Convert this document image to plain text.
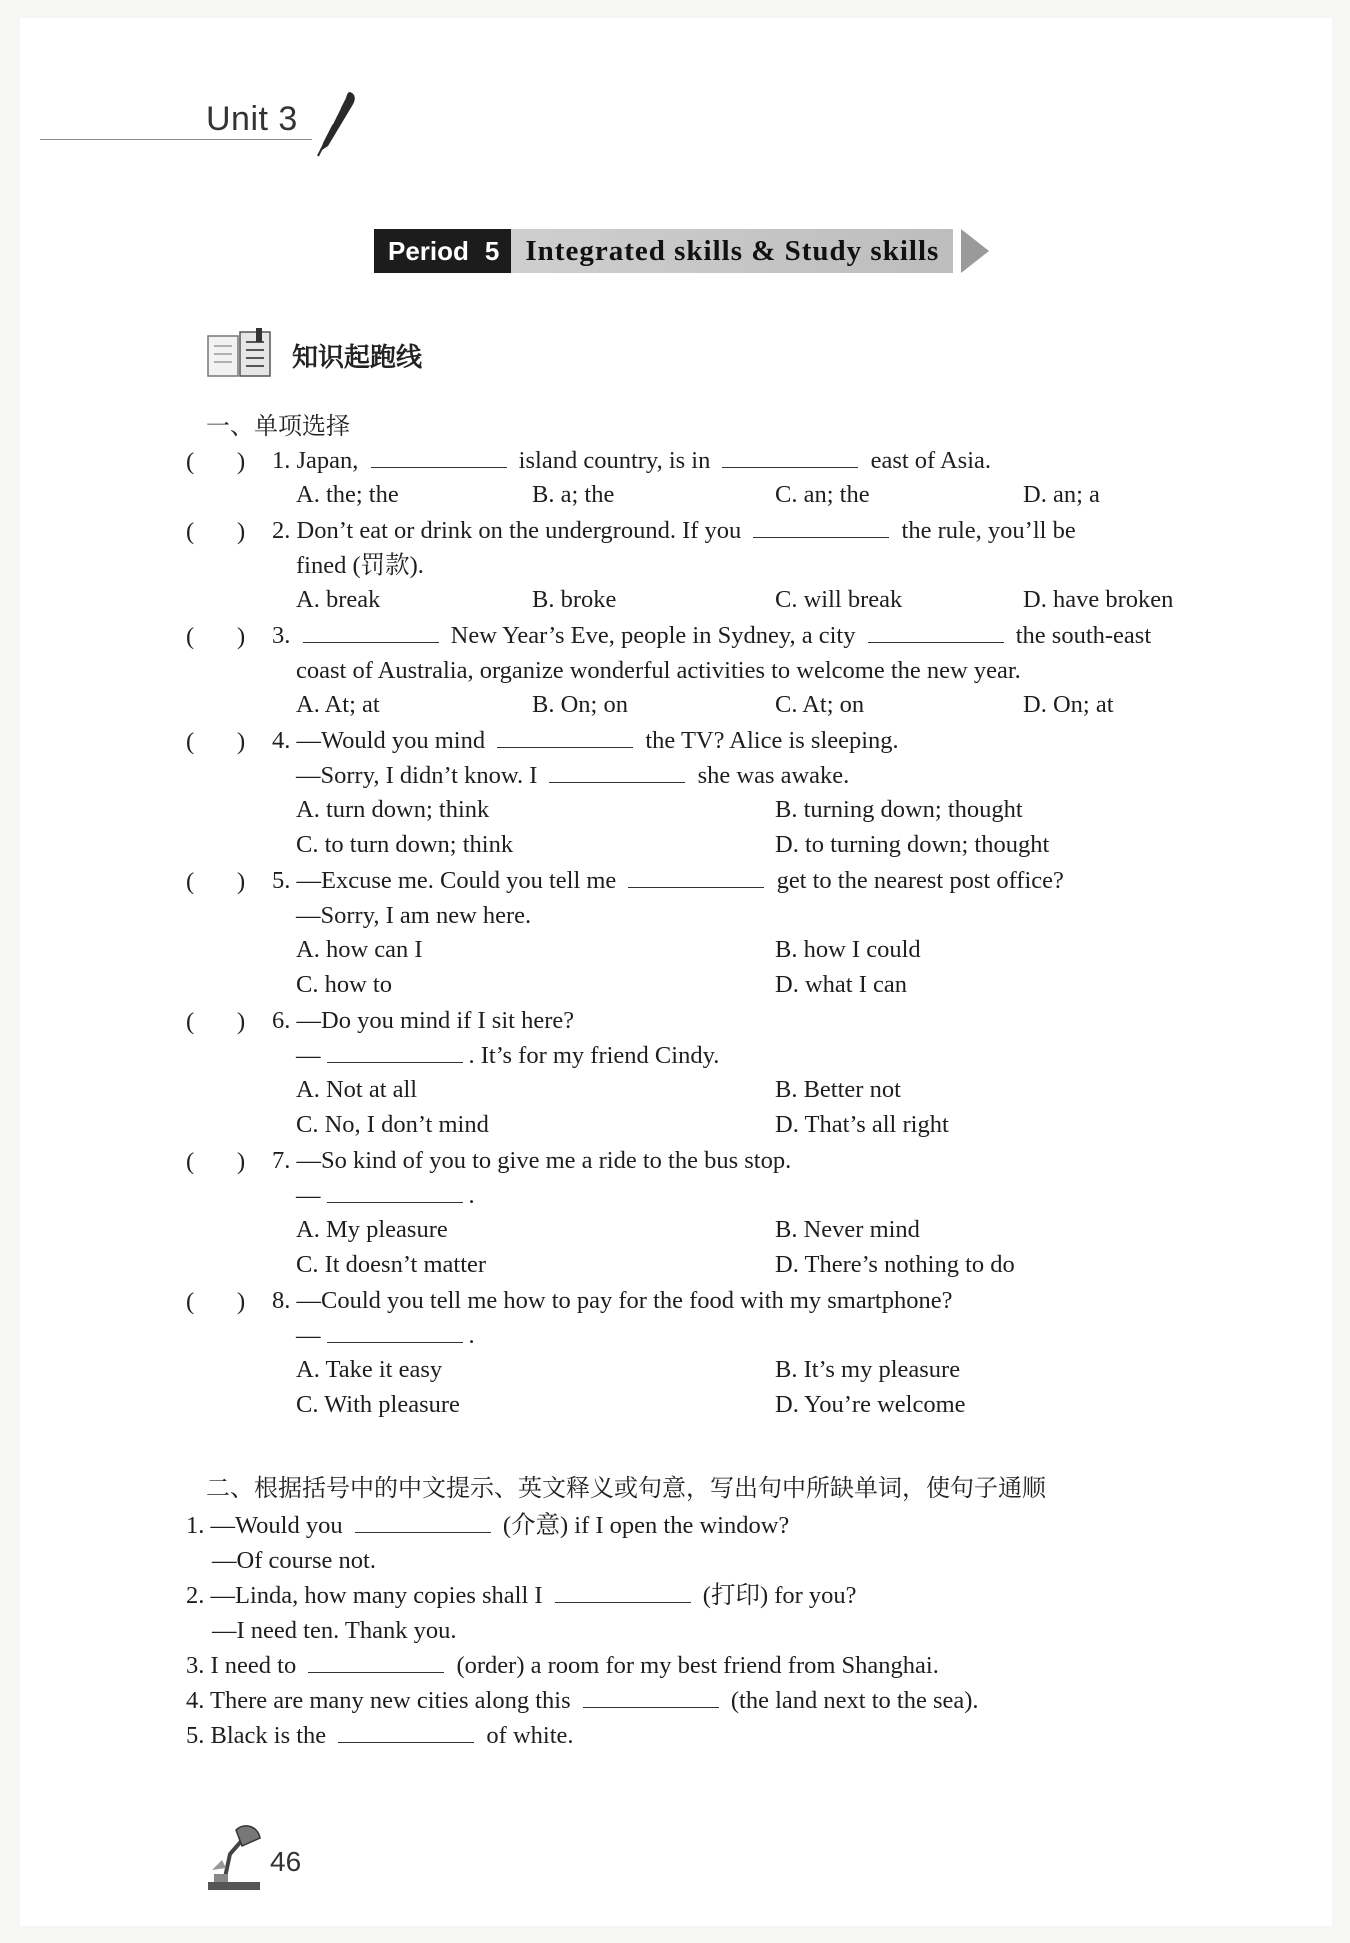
Unit 3
Period 5 Integrated skills & Study skills
知识起跑线
一、单项选择
(       ) 1. Japan,	island country, is in	east of Asia.
A. the; the	B. a; the	C. an; the	D. an; a
(       ) 2. Don’t eat or drink on the underground. If you	the rule, you’ll be
fined (罚款).
A. break	B. broke	C. will break	D. have broken
(       ) 3.	New Year’s Eve, people in Sydney, a city	the south-east
coast of Australia, organize wonderful activities to welcome the new year.
A. At; at	B. On; on	C. At; on	D. On; at
(       ) 4. —Would you mind	the TV? Alice is sleeping.
—Sorry, I didn’t know. I	she was awake.
A. turn down; think	B. turning down; thought
C. to turn down; think	D. to turning down; thought
(       ) 5. —Excuse me. Could you tell me	get to the nearest post office?
—Sorry, I am new here.
A. how can I	B. how I could
C. how to	D. what I can
(       ) 6. —Do you mind if I sit here?
—	. It’s for my friend Cindy.
A. Not at all	B. Better not
C. No, I don’t mind	D. That’s all right
(       ) 7. —So kind of you to give me a ride to the bus stop.
—	.
A. My pleasure	B. Never mind
C. It doesn’t matter	D. There’s nothing to do
(       ) 8. —Could you tell me how to pay for the food with my smartphone?
—	.
A. Take it easy	B. It’s my pleasure
C. With pleasure	D. You’re welcome
二、根据括号中的中文提示、英文释义或句意，写出句中所缺单词，使句子通顺
1. —Would you	(介意) if I open the window?
—Of course not.
2. —Linda, how many copies shall I	(打印) for you?
—I need ten. Thank you.
3. I need to	(order) a room for my best friend from Shanghai.
4. There are many new cities along this	(the land next to the sea).
5. Black is the	of white.
46
